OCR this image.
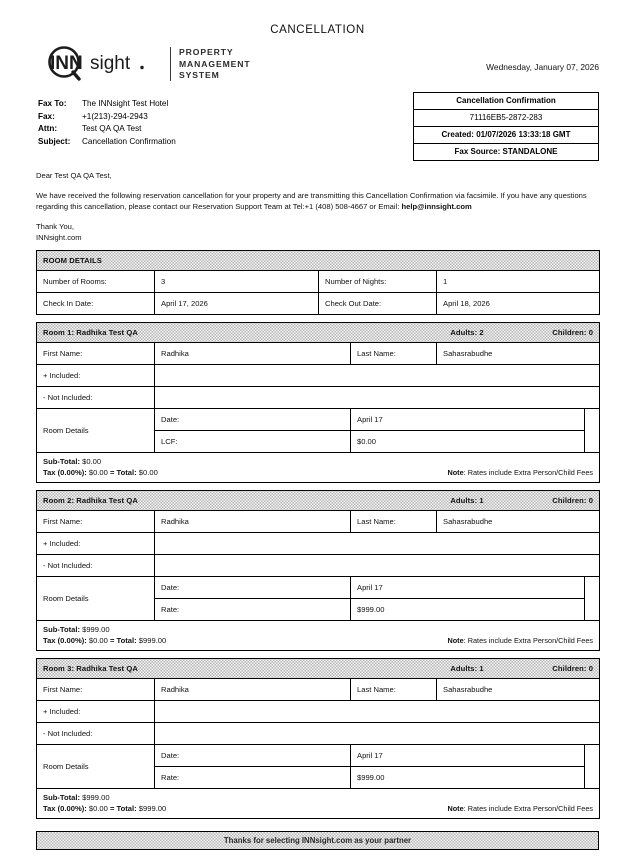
CANCELLATION
INN sight
PROPERTY
MANAGEMENT
SYSTEM
Wednesday, January 07, 2026
Fax To:	The INNsight Test Hotel
Fax:	+1(213)-294-2943
Attn:	Test QA QA Test
Subject:	Cancellation Confirmation
Cancellation Confirmation
71116EB5-2872-283
Created: 01/07/2026 13:33:18 GMT
Fax Source: STANDALONE

Dear Test QA QA Test,

We have received the following reservation cancellation for your property and are transmitting this Cancellation Confirmation via facsimile. If you have any questions regarding this cancellation, please contact our Reservation Support Team at Tel:+1 (408) 508-4667 or Email: help@innsight.com

Thank You,
INNsight.com

ROOM DETAILS			
Number of Rooms:	3	Number of Nights:	1
Check In Date:	April 17, 2026	Check Out Date:	April 18, 2026
Room 1: Radhika Test QA Adults: 2 Children: 0				

First Name:	Radhika	Last Name:	Sahasrabudhe	
+ Included:				
- Not Included:				
Room Details	Date:	April 17		
	LCF:	$0.00		

Sub-Total: $0.00
Tax (0.00%): $0.00 = Total: $0.00 Note: Rates include Extra Person/Child Fees				
Room 2: Radhika Test QA Adults: 1 Children: 0				

First Name:	Radhika	Last Name:	Sahasrabudhe	
+ Included:				
- Not Included:				
Room Details	Date:	April 17		
	Rate:	$999.00		

Sub-Total: $999.00
Tax (0.00%): $0.00 = Total: $999.00 Note: Rates include Extra Person/Child Fees				
Room 3: Radhika Test QA Adults: 1 Children: 0				

First Name:	Radhika	Last Name:	Sahasrabudhe	
+ Included:				
- Not Included:				
Room Details	Date:	April 17		
	Rate:	$999.00		

Sub-Total: $999.00
Tax (0.00%): $0.00 = Total: $999.00 Note: Rates include Extra Person/Child Fees				
Thanks for selecting INNsight.com as your partner
